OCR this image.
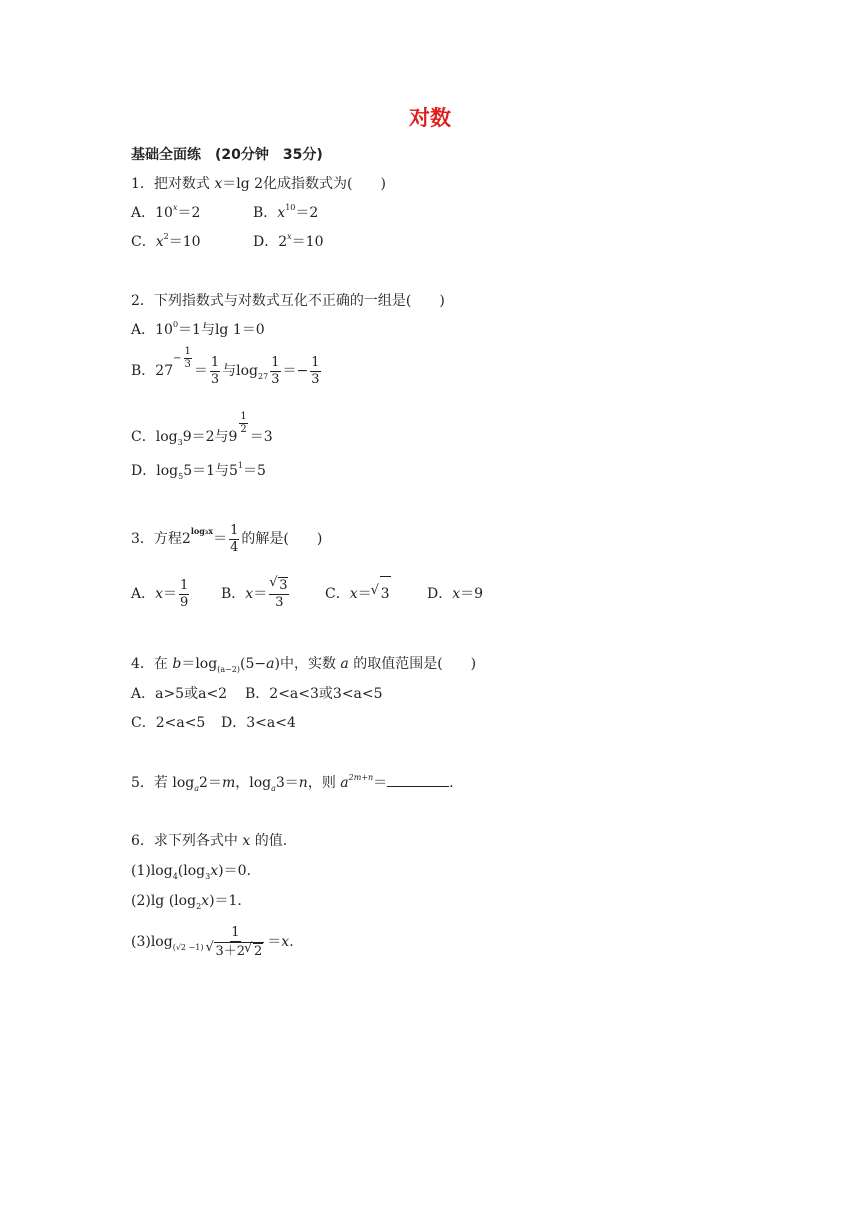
对数
基础全面练　(20分钟　35分)
1．把对数式 x＝lg 2化成指数式为(　　)
A．$10^x=2$	B．$x^{10}=2$
C．$x^2=10$	D．$2^x=10$
2．下列指数式与对数式互化不正确的一组是(　　)
A．$10^0=1$与lg 1＝0
B．$27^{- \frac{1}{3}} = \frac{1}{3}$ 与$\log_{27} \frac{1}{3} =- \frac{1}{3}$
C．$\log_39=2$与9
$\frac{1}{2}$
＝3
D．$\log_55=1$与$5^1=5$
3．方程$2^{log_3x}= \frac{1}{4}$ 的解是(　　)
A．$x= \frac{1}{9}$ B．x＝ √ $\frac{3}{3}$	C．x＝ √ 3	D．x＝9
4．在 $b=\log_{(a-2)}(5-a)$中，实数 a 的取值范围是(　　)
A．a>5或a<2 B．2<a<3或3<a<5
C．2<a<5 D．3<a<4
5．若 $\log_a2=m$，$\log_a3=n$，则 $a^{2m+n}=$	.
6．求下列各式中 x 的值.
$(1)\log_4(\log_3x)=0$.
(2)lg $(\log_2x)=1$.
$(3)\log_{(√2 -1)}$ 1
√ 3＋2 √ 2 ＝x.
